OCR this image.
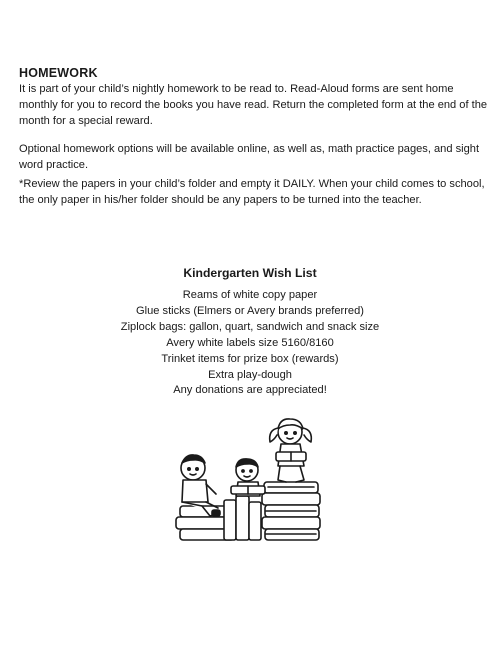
HOMEWORK
It is part of your child’s nightly homework to be read to. Read-Aloud forms are sent home monthly for you to record the books you have read. Return the completed form at the end of the month for a special reward.
Optional homework options will be available online, as well as, math practice pages, and sight word practice.
*Review the papers in your child’s folder and empty it DAILY. When your child comes to school, the only paper in his/her folder should be any papers to be turned into the teacher.
Kindergarten Wish List
Reams of white copy paper
Glue sticks (Elmers or Avery brands preferred)
Ziplock bags: gallon, quart, sandwich and snack size
Avery white labels size 5160/8160
Trinket items for prize box (rewards)
Extra play-dough
Any donations are appreciated!
